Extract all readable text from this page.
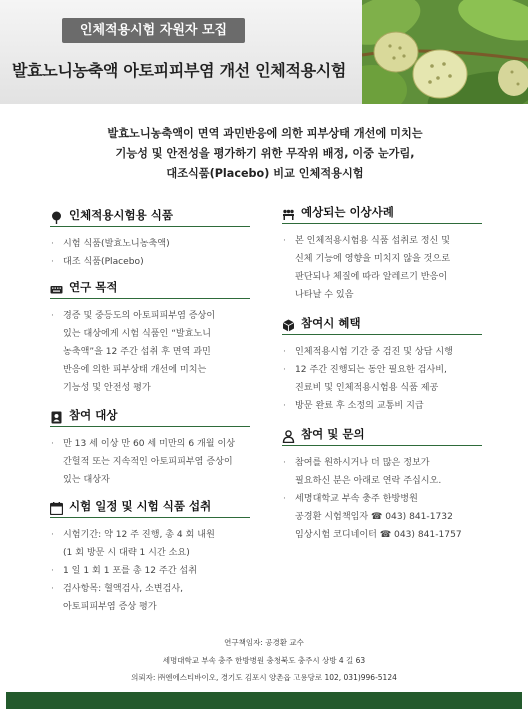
인체적용시험 자원자 모집
발효노니농축액 아토피피부염 개선 인체적용시험
발효노니농축액이 면역 과민반응에 의한 피부상태 개선에 미치는
기능성 및 안전성을 평가하기 위한 무작위 배정, 이중 눈가림,
대조식품(Placebo) 비교 인체적용시험
인체적용시험용 식품
· 시험 식품(발효노니농축액)
· 대조 식품(Placebo)
연구 목적
· 경증 및 중등도의 아토피피부염 증상이
있는 대상에게 시험 식품인 “발효노니
농축액”을 12 주간 섭취 후 면역 과민
반응에 의한 피부상태 개선에 미치는
기능성 및 안전성 평가
참여 대상
· 만 13 세 이상 만 60 세 미만의 6 개월 이상
간헐적 또는 지속적인 아토피피부염 증상이
있는 대상자
시험 일정 및 시험 식품 섭취
· 시험기간: 약 12 주 진행, 총 4 회 내원
(1 회 방문 시 대략 1 시간 소요)
· 1 일 1 회 1 포를 총 12 주간 섭취
· 검사항목: 혈액검사, 소변검사,
아토피피부염 증상 평가
예상되는 이상사례
· 본 인체적용시험용 식품 섭취로 정신 및
신체 기능에 영향을 미치지 않을 것으로
판단되나 체질에 따라 알레르기 반응이
나타날 수 있음
참여시 혜택
· 인체적용시험 기간 중 검진 및 상담 시행
· 12 주간 진행되는 동안 필요한 검사비,
진료비 및 인체적용시험용 식품 제공
· 방문 완료 후 소정의 교통비 지급
참여 및 문의
· 참여를 원하시거나 더 많은 정보가
필요하신 분은 아래로 연락 주십시오.
· 세명대학교 부속 충주 한방병원
공경환 시험책임자 ☎ 043) 841-1732
임상시험 코디네이터 ☎ 043) 841-1757
연구책임자: 공경환 교수
세명대학교 부속 충주 한방병원 충청북도 충주시 상방 4 길 63
의뢰자: ㈜엔에스티바이오, 경기도 김포시 양촌읍 고용당로 102, 031)996-5124
